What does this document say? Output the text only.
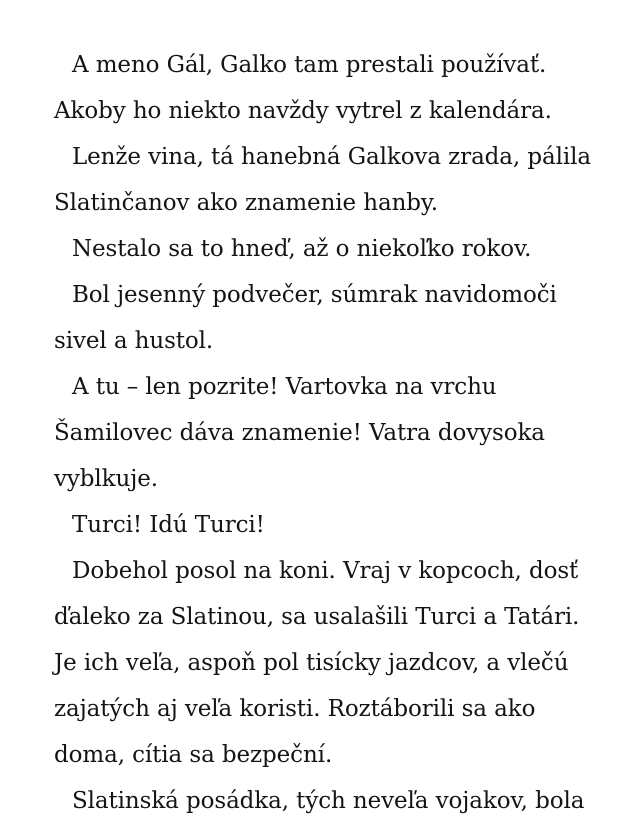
A meno Gál, Galko tam prestali používať.
Akoby ho niekto navždy vytrel z kalendára.
Lenže vina, tá hanebná Galkova zrada, pálila
Slatinčanov ako znamenie hanby.
Nestalo sa to hneď, až o niekoľko rokov.
Bol jesenný podvečer, súmrak navidomoči
sivel a hustol.
A tu – len pozrite! Vartovka na vrchu
Šamilovec dáva znamenie! Vatra dovysoka
vyblkuje.
Turci! Idú Turci!
Dobehol posol na koni. Vraj v kopcoch, dosť
ďaleko za Slatinou, sa usalašili Turci a Tatári.
Je ich veľa, aspoň pol tisícky jazdcov, a vlečú
zajatých aj veľa koristi. Roztáborili sa ako
doma, cítia sa bezpeční.
Slatinská posádka, tých neveľa vojakov, bola
